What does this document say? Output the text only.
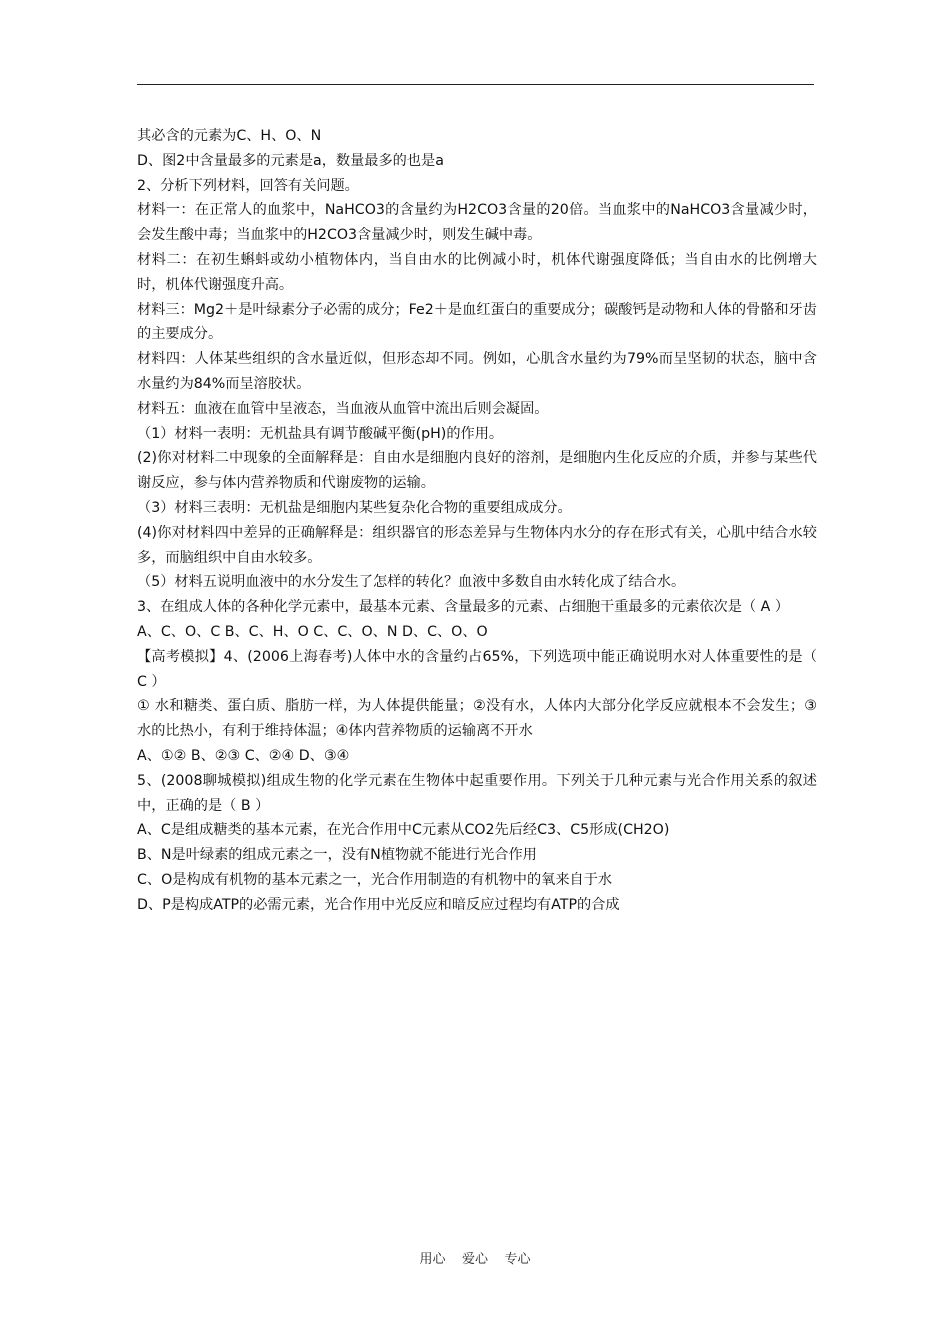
其必含的元素为C、H、O、N

D、图2中含量最多的元素是a，数量最多的也是a

2、分析下列材料，回答有关问题。

材料一：在正常人的血浆中，NaHCO3的含量约为H2CO3含量的20倍。当血浆中的NaHCO3含量减少时，会发生酸中毒；当血浆中的H2CO3含量减少时，则发生碱中毒。

材料二：在初生蝌蚪或幼小植物体内，当自由水的比例减小时，机体代谢强度降低；当自由水的比例增大时，机体代谢强度升高。

材料三：Mg2＋是叶绿素分子必需的成分；Fe2＋是血红蛋白的重要成分；碳酸钙是动物和人体的骨骼和牙齿的主要成分。

材料四：人体某些组织的含水量近似，但形态却不同。例如，心肌含水量约为79%而呈坚韧的状态，脑中含水量约为84%而呈溶胶状。

材料五：血液在血管中呈液态，当血液从血管中流出后则会凝固。

（1）材料一表明：无机盐具有调节酸碱平衡(pH)的作用。

(2)你对材料二中现象的全面解释是：自由水是细胞内良好的溶剂，是细胞内生化反应的介质，并参与某些代谢反应，参与体内营养物质和代谢废物的运输。

（3）材料三表明：无机盐是细胞内某些复杂化合物的重要组成成分。

(4)你对材料四中差异的正确解释是：组织器官的形态差异与生物体内水分的存在形式有关，心肌中结合水较多，而脑组织中自由水较多。

（5）材料五说明血液中的水分发生了怎样的转化？血液中多数自由水转化成了结合水。

3、在组成人体的各种化学元素中，最基本元素、含量最多的元素、占细胞干重最多的元素依次是（ A ）

A、C、O、C B、C、H、O C、C、O、N D、C、O、O

【高考模拟】4、(2006上海春考)人体中水的含量约占65%，下列选项中能正确说明水对人体重要性的是（ C ）

① 水和糖类、蛋白质、脂肪一样，为人体提供能量；②没有水，人体内大部分化学反应就根本不会发生；③水的比热小，有利于维持体温；④体内营养物质的运输离不开水

A、①② B、②③ C、②④ D、③④

5、(2008聊城模拟)组成生物的化学元素在生物体中起重要作用。下列关于几种元素与光合作用关系的叙述中，正确的是（ B ）

A、C是组成糖类的基本元素，在光合作用中C元素从CO2先后经C3、C5形成(CH2O)

B、N是叶绿素的组成元素之一，没有N植物就不能进行光合作用

C、O是构成有机物的基本元素之一，光合作用制造的有机物中的氧来自于水

D、P是构成ATP的必需元素，光合作用中光反应和暗反应过程均有ATP的合成

用心    爱心    专心
